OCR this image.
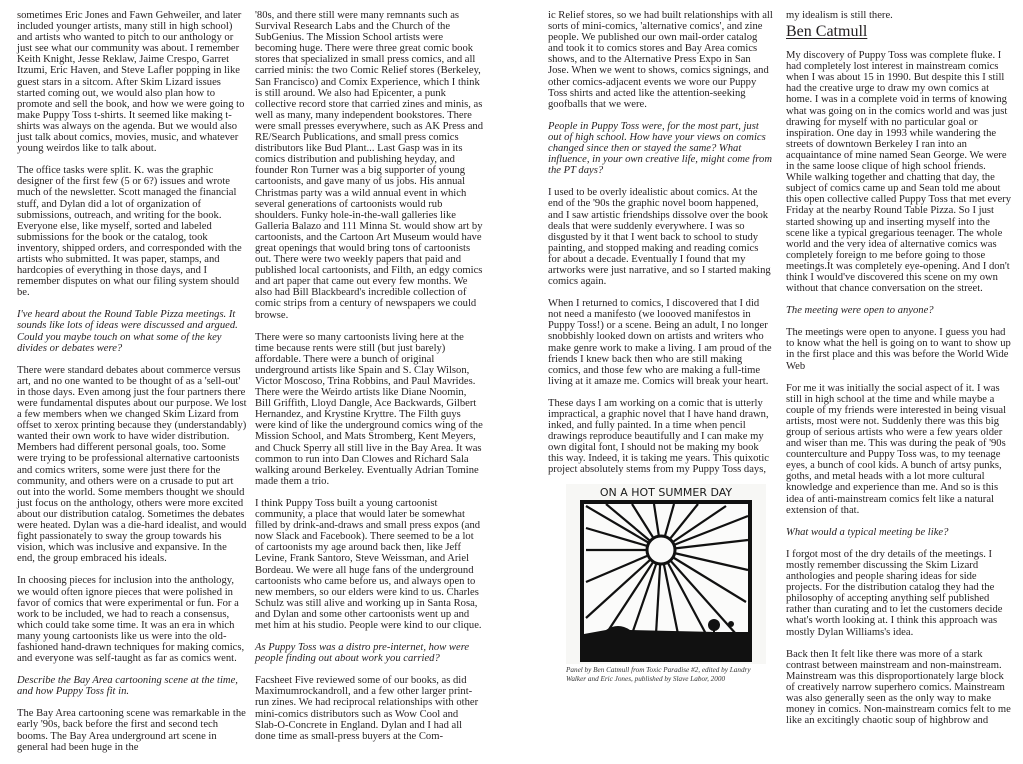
sometimes Eric Jones and Fawn Gehweiler, and later included younger artists, many still in high school) and artists who wanted to pitch to our anthology or just see what our community was about. I remember Keith Knight, Jesse Reklaw, Jaime Crespo, Garret Itzumi, Eric Haven, and Steve Lafler popping in like guest stars in a sitcom. After Skim Lizard issues started coming out, we would also plan how to promote and sell the book, and how we were going to make Puppy Toss t-shirts. It seemed like making t-shirts was always on the agenda. But we would also just talk about comics, movies, music, and whatever young weirdos like to talk about.

The office tasks were split. K. was the graphic designer of the first few (5 or 6?) issues and wrote much of the newsletter. Scott managed the financial stuff, and Dylan did a lot of organization of submissions, outreach, and writing for the book. Everyone else, like myself, sorted and labeled submissions for the book or the catalog, took inventory, shipped orders, and corresponded with the artists who submitted. It was paper, stamps, and hardcopies of everything in those days, and I remember disputes on what our filing system should be.

I've heard about the Round Table Pizza meetings. It sounds like lots of ideas were discussed and argued. Could you maybe touch on what some of the key divides or debates were?

There were standard debates about commerce versus art, and no one wanted to be thought of as a 'sell-out' in those days. Even among just the four partners there were fundamental disputes about our purpose. We lost a few members when we changed Skim Lizard from offset to xerox printing because they (understandably) wanted their own work to have wider distribution. Members had different personal goals, too. Some were trying to be professional alternative cartoonists and comics writers, some were just there for the community, and others were on a crusade to put art out into the world. Some members thought we should just focus on the anthology, others were more excited about our distribution catalog. Sometimes the debates were heated. Dylan was a die-hard idealist, and would fight passionately to sway the group towards his vision, which was inclusive and expansive. In the end, the group embraced his ideals.

In choosing pieces for inclusion into the anthology, we would often ignore pieces that were polished in favor of comics that were experimental or fun. For a work to be included, we had to reach a consensus, which could take some time. It was an era in which many young cartoonists like us were into the old-fashioned hand-drawn techniques for making comics, and everyone was self-taught as far as comics went.

Describe the Bay Area cartooning scene at the time, and how Puppy Toss fit in.

The Bay Area cartooning scene was remarkable in the early '90s, back before the first and second tech booms. The Bay Area underground art scene in general had been huge in the

'80s, and there still were many remnants such as Survival Research Labs and the Church of the SubGenius. The Mission School artists were becoming huge. There were three great comic book stores that specialized in small press comics, and all carried minis: the two Comic Relief stores (Berkeley, San Francisco) and Comix Experience, which I think is still around. We also had Epicenter, a punk collective record store that carried zines and minis, as well as many, many independent bookstores. There were small presses everywhere, such as AK Press and RE/Search Publications, and small press comics distributors like Bud Plant... Last Gasp was in its comics distribution and publishing heyday, and founder Ron Turner was a big supporter of young cartoonists, and gave many of us jobs. His annual Christmas party was a wild annual event in which several generations of cartoonists would rub shoulders. Funky hole-in-the-wall galleries like Galleria Balazo and 111 Minna St. would show art by cartoonists, and the Cartoon Art Museum would have great openings that would bring tons of cartoonists out. There were two weekly papers that paid and published local cartoonists, and Filth, an edgy comics and art paper that came out every few months. We also had Bill Blackbeard's incredible collection of comic strips from a century of newspapers we could browse.

There were so many cartoonists living here at the time because rents were still (but just barely) affordable. There were a bunch of original underground artists like Spain and S. Clay Wilson, Victor Moscoso, Trina Robbins, and Paul Mavrides. There were the Weirdo artists like Diane Noomin, Bill Griffith, Lloyd Dangle, Ace Backwards, Gilbert Hernandez, and Krystine Kryttre. The Filth guys were kind of like the underground comics wing of the Mission School, and Mats Stromberg, Kent Meyers, and Chuck Sperry all still live in the Bay Area. It was common to run into Dan Clowes and Richard Sala walking around Berkeley. Eventually Adrian Tomine made them a trio.

I think Puppy Toss built a young cartoonist community, a place that would later be somewhat filled by drink-and-draws and small press expos (and now Slack and Facebook). There seemed to be a lot of cartoonists my age around back then, like Jeff Levine, Frank Santoro, Steve Weissman, and Ariel Bordeau. We were all huge fans of the underground cartoonists who came before us, and always open to new members, so our elders were kind to us. Charles Schulz was still alive and working up in Santa Rosa, and Dylan and some other cartoonists went up and met him at his studio. People were kind to our clique.

As Puppy Toss was a distro pre-internet, how were people finding out about work you carried?

Facsheet Five reviewed some of our books, as did Maximumrockandroll, and a few other larger print-run zines. We had reciprocal relationships with other mini-comics distributors such as Wow Cool and Slab-O-Concrete in England. Dylan and I had all done time as small-press buyers at the Com-

ic Relief stores, so we had built relationships with all sorts of mini-comics, 'alternative comics', and zine people. We published our own mail-order catalog and took it to comics stores and Bay Area comics shows, and to the Alternative Press Expo in San Jose. When we went to shows, comics signings, and other comics-adjacent events we wore our Puppy Toss shirts and acted like the attention-seeking goofballs that we were.

People in Puppy Toss were, for the most part, just out of high school. How have your views on comics changed since then or stayed the same? What influence, in your own creative life, might come from the PT days?

I used to be overly idealistic about comics. At the end of the '90s the graphic novel boom happened, and I saw artistic friendships dissolve over the book deals that were suddenly everywhere. I was so disgusted by it that I went back to school to study painting, and stopped making and reading comics for about a decade. Eventually I found that my artworks were just narrative, and so I started making comics again.

When I returned to comics, I discovered that I did not need a manifesto (we loooved manifestos in Puppy Toss!) or a scene. Being an adult, I no longer snobbishly looked down on artists and writers who make genre work to make a living. I am proud of the friends I knew back then who are still making comics, and those few who are making a full-time living at it amaze me. Comics will break your heart.

These days I am working on a comic that is utterly impractical, a graphic novel that I have hand drawn, inked, and fully painted. In a time when pencil drawings reproduce beautifully and I can make my own digital font, I should not be making my book this way. Indeed, it is taking me years. This quixotic project absolutely stems from my Puppy Toss days,

ON A HOT SUMMER DAY
Panel by Ben Catmull from Toxic Paradise #2, edited by Landry Walker and Eric Jones, published by Slave Labor, 2000

my idealism is still there.

Ben Catmull

My discovery of Puppy Toss was complete fluke. I had completely lost interest in mainstream comics when I was about 15 in 1990. But despite this I still had the creative urge to draw my own comics at home. I was in a complete void in terms of knowing what was going on in the comics world and was just drawing for myself with no particular goal or inspiration. One day in 1993 while wandering the streets of downtown Berkeley I ran into an acquaintance of mine named Sean George. We were in the same loose clique of high school friends. While walking together and chatting that day, the subject of comics came up and Sean told me about this open collective called Puppy Toss that met every Friday at the nearby Round Table Pizza. So I just started showing up and inserting myself into the scene like a typical gregarious teenager. The whole world and the very idea of alternative comics was completely foreign to me before going to those meetings.It was completely eye-opening. And I don't think I would've discovered this scene on my own without that chance conversation on the street.

The meeting were open to anyone?

The meetings were open to anyone. I guess you had to know what the hell is going on to want to show up in the first place and this was before the World Wide Web

For me it was initially the social aspect of it. I was still in high school at the time and while maybe a couple of my friends were interested in being visual artists, most were not. Suddenly there was this big group of serious artists who were a few years older and wiser than me. This was during the peak of '90s counterculture and Puppy Toss was, to my teenage eyes, a bunch of cool kids. A bunch of artsy punks, goths, and metal heads with a lot more cultural knowledge and experience than me. And so is this idea of anti-mainstream comics felt like a natural extension of that.

What would a typical meeting be like?

I forgot most of the dry details of the meetings. I mostly remember discussing the Skim Lizard anthologies and people sharing ideas for side projects. For the distribution catalog they had the philosophy of accepting anything self published rather than curating and to let the customers decide what's worth looking at. I think this approach was mostly Dylan Williams's idea.

Back then It felt like there was more of a stark contrast between mainstream and non-mainstream. Mainstream was this disproportionately large block of creatively narrow superhero comics. Mainstream was also generally seen as the only way to make money in comics. Non-mainstream comics felt to me like an excitingly chaotic soup of highbrow and
